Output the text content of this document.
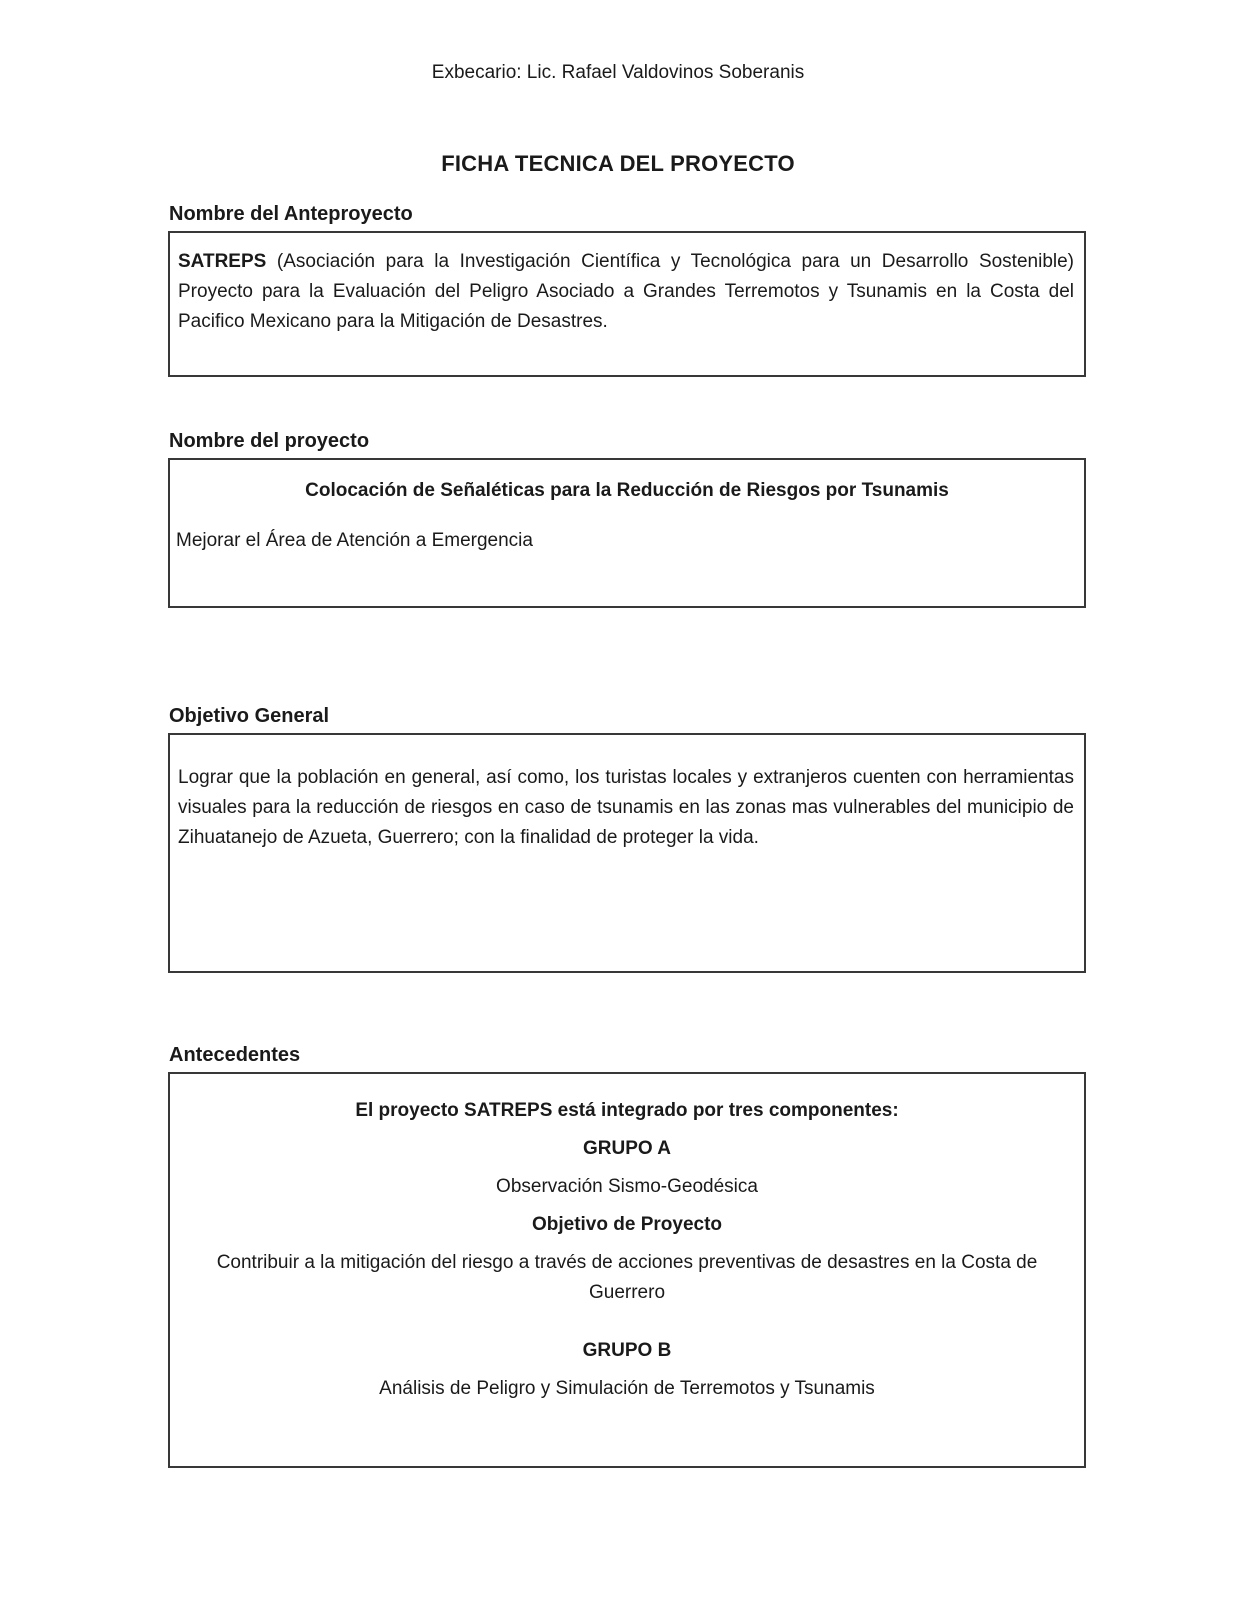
Exbecario: Lic. Rafael Valdovinos Soberanis
FICHA TECNICA DEL PROYECTO
Nombre del Anteproyecto

SATREPS (Asociación para la Investigación Científica y Tecnológica para un Desarrollo Sostenible) Proyecto para la Evaluación del Peligro Asociado a Grandes Terremotos y Tsunamis en la Costa del Pacifico Mexicano para la Mitigación de Desastres.

Nombre del proyecto

Colocación de Señaléticas para la Reducción de Riesgos por Tsunamis

Mejorar el Área de Atención a Emergencia

Objetivo General

Lograr que la población en general, así como, los turistas locales y extranjeros cuenten con herramientas visuales para la reducción de riesgos en caso de tsunamis en las zonas mas vulnerables del municipio de Zihuatanejo de Azueta, Guerrero; con la finalidad de proteger la vida.

Antecedentes

El proyecto SATREPS está integrado por tres componentes:

GRUPO A

Observación Sismo-Geodésica

Objetivo de Proyecto

Contribuir a la mitigación del riesgo a través de acciones preventivas de desastres en la Costa de Guerrero

GRUPO B

Análisis de Peligro y Simulación de Terremotos y Tsunamis
